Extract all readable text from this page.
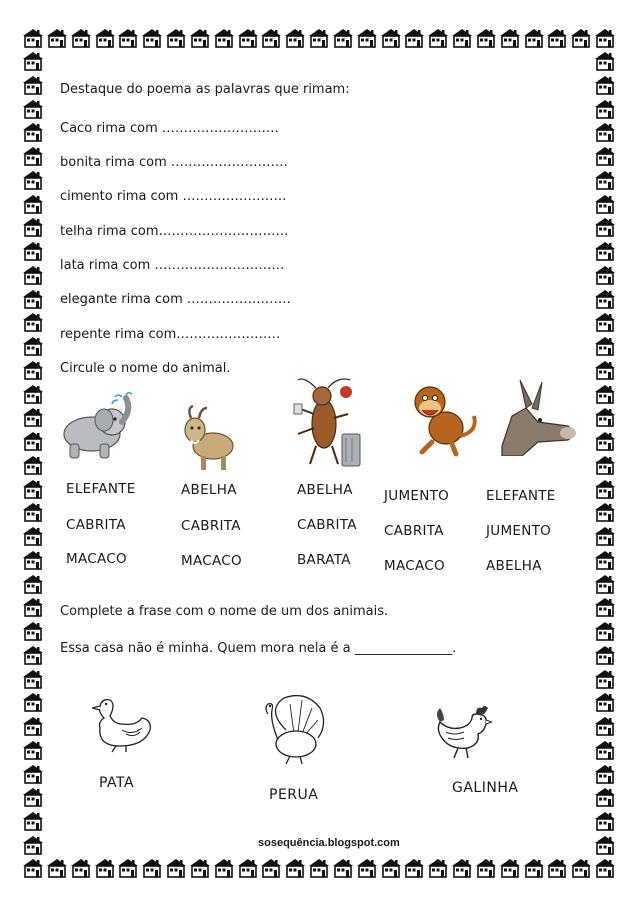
Destaque do poema as palavras que rimam:
Caco rima com ………………………
bonita rima com ………………………
cimento rima com ……………………
telha rima com…………………………
lata rima com …………………………
elegante rima com ……………………
repente rima com……………………
Circule o nome do animal.
ELEFANTE
CABRITA
MACACO
ABELHA
CABRITA
MACACO
ABELHA
CABRITA
BARATA
JUMENTO
CABRITA
MACACO
ELEFANTE
JUMENTO
ABELHA
Complete a frase com o nome de um dos animais.
Essa casa não é minha. Quem mora nela é a _______________.
PATA
PERUA	GALINHA
sosequência.blogspot.com
